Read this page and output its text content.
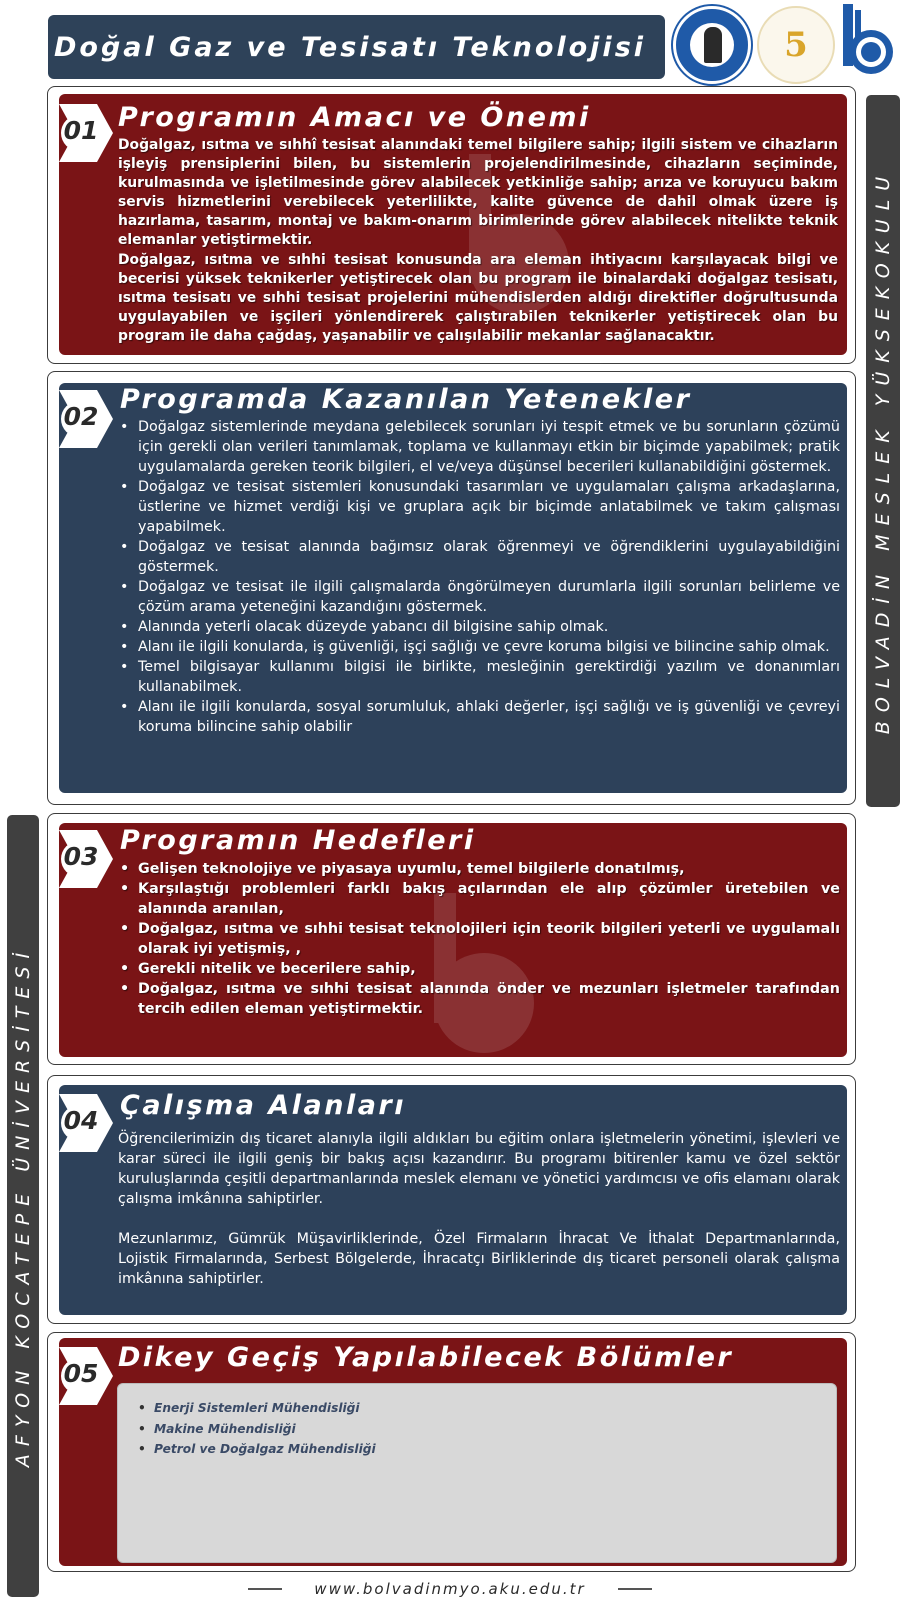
Doğal Gaz ve Tesisatı Teknolojisi	5
BOLVADİN MESLEK YÜKSEKOKULU
AFYON KOCATEPE ÜNİVERSİTESİ
01 Programın Amacı ve Önemi

Doğalgaz, ısıtma ve sıhhî tesisat alanındaki temel bilgilere sahip; ilgili sistem ve cihazların işleyiş prensiplerini bilen, bu sistemlerin projelendirilmesinde, cihazların seçiminde, kurulmasında ve işletilmesinde görev alabilecek yetkinliğe sahip; arıza ve koruyucu bakım servis hizmetlerini verebilecek yeterlilikte, kalite güvence de dahil olmak üzere iş hazırlama, tasarım, montaj ve bakım-onarım birimlerinde görev alabilecek nitelikte teknik elemanlar yetiştirmektir.

Doğalgaz, ısıtma ve sıhhi tesisat konusunda ara eleman ihtiyacını karşılayacak bilgi ve becerisi yüksek teknikerler yetiştirecek olan bu program ile binalardaki doğalgaz tesisatı, ısıtma tesisatı ve sıhhi tesisat projelerini mühendislerden aldığı direktifler doğrultusunda uygulayabilen ve işçileri yönlendirerek çalıştırabilen teknikerler yetiştirecek olan bu program ile daha çağdaş, yaşanabilir ve çalışılabilir mekanlar sağlanacaktır.

02
Programda Kazanılan Yetenekler
• Doğalgaz sistemlerinde meydana gelebilecek sorunları iyi tespit etmek ve bu sorunların çözümü için gerekli olan verileri tanımlamak, toplama ve kullanmayı etkin bir biçimde yapabilmek; pratik uygulamalarda gereken teorik bilgileri, el ve/veya düşünsel becerileri kullanabildiğini göstermek.
• Doğalgaz ve tesisat sistemleri konusundaki tasarımları ve uygulamaları çalışma arkadaşlarına, üstlerine ve hizmet verdiği kişi ve gruplara açık bir biçimde anlatabilmek ve takım çalışması yapabilmek.
• Doğalgaz ve tesisat alanında bağımsız olarak öğrenmeyi ve öğrendiklerini uygulayabildiğini göstermek.
• Doğalgaz ve tesisat ile ilgili çalışmalarda öngörülmeyen durumlarla ilgili sorunları belirleme ve çözüm arama yeteneğini kazandığını göstermek.
• Alanında yeterli olacak düzeyde yabancı dil bilgisine sahip olmak.
• Alanı ile ilgili konularda, iş güvenliği, işçi sağlığı ve çevre koruma bilgisi ve bilincine sahip olmak.
• Temel bilgisayar kullanımı bilgisi ile birlikte, mesleğinin gerektirdiği yazılım ve donanımları kullanabilmek.
• Alanı ile ilgili konularda, sosyal sorumluluk, ahlaki değerler, işçi sağlığı ve iş güvenliği ve çevreyi koruma bilincine sahip olabilir
03
Programın Hedefleri
• Gelişen teknolojiye ve piyasaya uyumlu, temel bilgilerle donatılmış,
• Karşılaştığı problemleri farklı bakış açılarından ele alıp çözümler üretebilen ve alanında aranılan,
• Doğalgaz, ısıtma ve sıhhi tesisat teknolojileri için teorik bilgileri yeterli ve uygulamalı olarak iyi yetişmiş, ,
• Gerekli nitelik ve becerilere sahip,
• Doğalgaz, ısıtma ve sıhhi tesisat alanında önder ve mezunları işletmeler tarafından tercih edilen eleman yetiştirmektir.
04 Çalışma Alanları

Öğrencilerimizin dış ticaret alanıyla ilgili aldıkları bu eğitim onlara işletmelerin yönetimi, işlevleri ve karar süreci ile ilgili geniş bir bakış açısı kazandırır. Bu programı bitirenler kamu ve özel sektör kuruluşlarında çeşitli departmanlarında meslek elemanı ve yönetici yardımcısı ve ofis elamanı olarak çalışma imkânına sahiptirler.

Mezunlarımız, Gümrük Müşavirliklerinde, Özel Firmaların İhracat Ve İthalat Departmanlarında, Lojistik Firmalarında, Serbest Bölgelerde, İhracatçı Birliklerinde dış ticaret personeli olarak çalışma imkânına sahiptirler.

05
Dikey Geçiş Yapılabilecek Bölümler
• Enerji Sistemleri Mühendisliği
• Makine Mühendisliği
• Petrol ve Doğalgaz Mühendisliği
www.bolvadinmyo.aku.edu.tr
